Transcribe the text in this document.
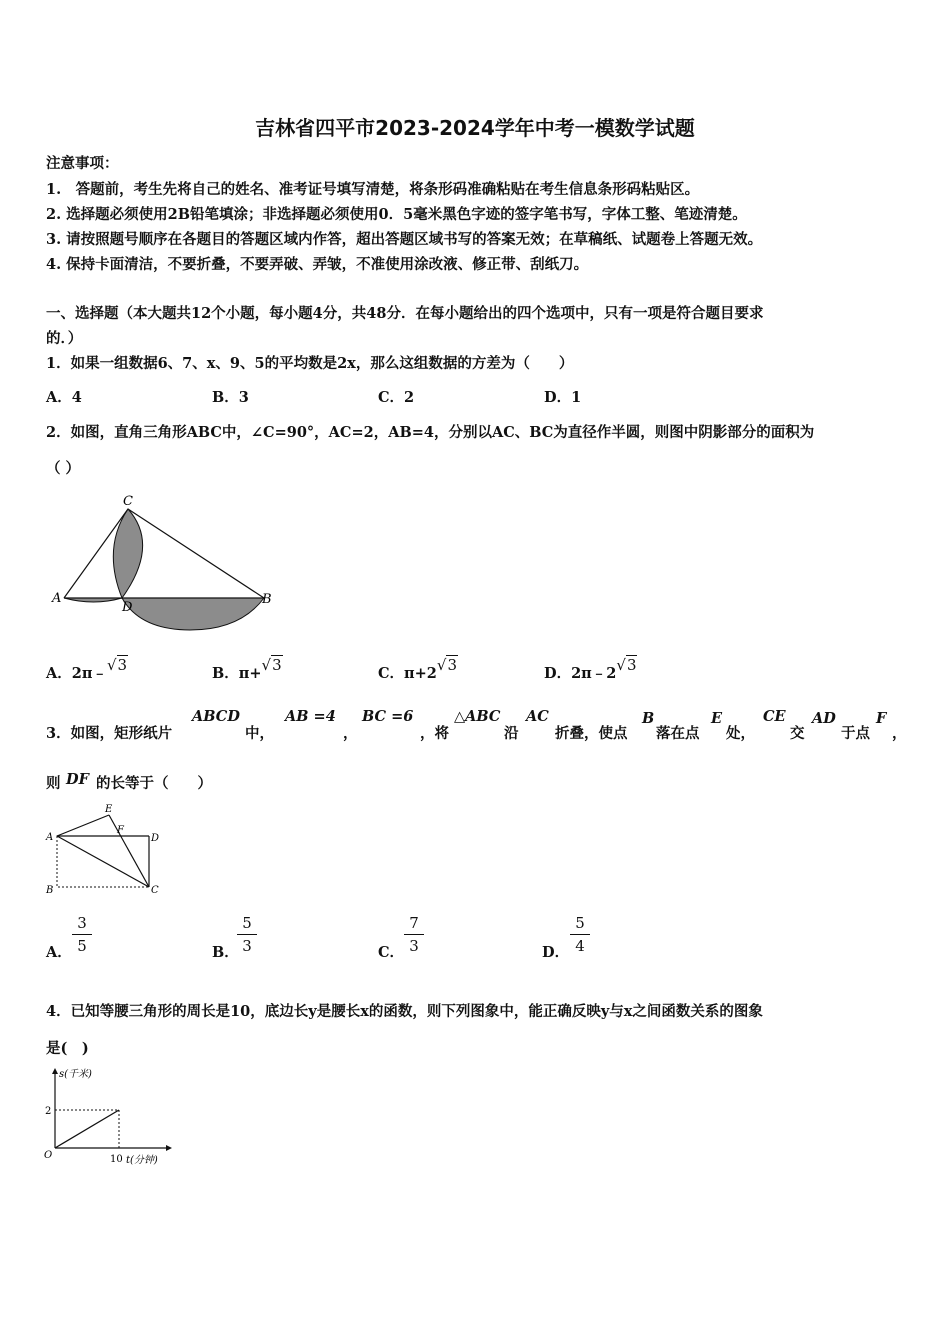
吉林省四平市2023-2024学年中考一模数学试题
注意事项：
1.　答题前，考生先将自己的姓名、准考证号填写清楚，将条形码准确粘贴在考生信息条形码粘贴区。
2. 选择题必须使用2B铅笔填涂；非选择题必须使用0．5毫米黑色字迹的签字笔书写，字体工整、笔迹清楚。
3. 请按照题号顺序在各题目的答题区域内作答，超出答题区域书写的答案无效；在草稿纸、试题卷上答题无效。
4. 保持卡面清洁，不要折叠，不要弄破、弄皱，不准使用涂改液、修正带、刮纸刀。
一、选择题（本大题共12个小题，每小题4分，共48分．在每小题给出的四个选项中，只有一项是符合题目要求
的．）
1．如果一组数据6、7、x、9、5的平均数是2x，那么这组数据的方差为（　　）
A．4	B．3	C．2	D．1
2．如图，直角三角形ABC中，∠C=90°，AC=2，AB=4，分别以AC、BC为直径作半圆，则图中阴影部分的面积为
（ ）
C
A
D
B
A．2π﹣√3	B．π+√3	C．π+2√3	D．2π﹣2√3
3．如图，矩形纸片
ABCD
中，
AB =4
，
BC =6
，将
△ABC
沿
AC
折叠，使点
B
落在点
E
处，
CE
交
AD
于点
F
，
则 DF 的长等于（　　）
A
B	C
D
E
F
A．
3
5	B．
5
3	C．
7
3	D．
5
4
4．已知等腰三角形的周长是10，底边长y是腰长x的函数，则下列图象中，能正确反映y与x之间函数关系的图象
是(　)
s(千米)
2
O	10 t(分钟)
